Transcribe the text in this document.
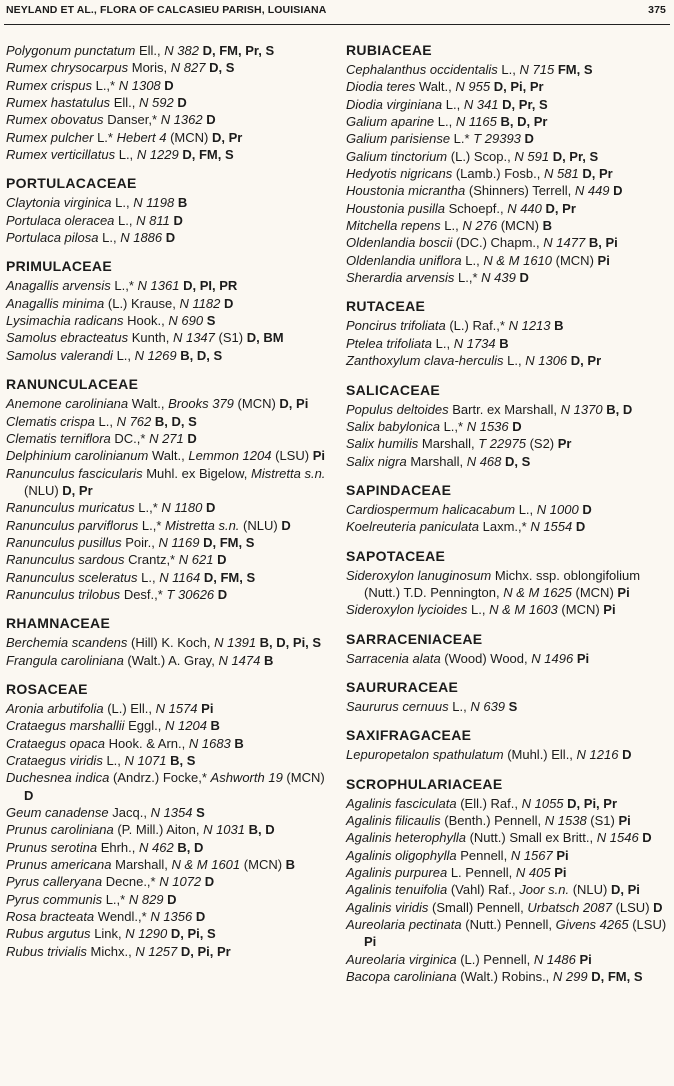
NEYLAND ET AL., FLORA OF CALCASIEU PARISH, LOUISIANA	375
Polygonum punctatum Ell., N 382 D, FM, Pr, S
Rumex chrysocarpus Moris, N 827 D, S
Rumex crispus L.,* N 1308 D
Rumex hastatulus Ell., N 592 D
Rumex obovatus Danser,* N 1362 D
Rumex pulcher L.* Hebert 4 (MCN) D, Pr
Rumex verticillatus L., N 1229 D, FM, S
PORTULACACEAE
Claytonia virginica L., N 1198 B
Portulaca oleracea L., N 811 D
Portulaca pilosa L., N 1886 D
PRIMULACEAE
Anagallis arvensis L.,* N 1361 D, PI, PR
Anagallis minima (L.) Krause, N 1182 D
Lysimachia radicans Hook., N 690 S
Samolus ebracteatus Kunth, N 1347 (S1) D, BM
Samolus valerandi L., N 1269 B, D, S
RANUNCULACEAE
Anemone caroliniana Walt., Brooks 379 (MCN) D, Pi
Clematis crispa L., N 762 B, D, S
Clematis terniflora DC.,* N 271 D
Delphinium carolinianum Walt., Lemmon 1204 (LSU) Pi
Ranunculus fascicularis Muhl. ex Bigelow, Mistretta s.n. (NLU) D, Pr
Ranunculus muricatus L.,* N 1180 D
Ranunculus parviflorus L.,* Mistretta s.n. (NLU) D
Ranunculus pusillus Poir., N 1169 D, FM, S
Ranunculus sardous Crantz,* N 621 D
Ranunculus sceleratus L., N 1164 D, FM, S
Ranunculus trilobus Desf.,* T 30626 D
RHAMNACEAE
Berchemia scandens (Hill) K. Koch, N 1391 B, D, Pi, S
Frangula caroliniana (Walt.) A. Gray, N 1474 B
ROSACEAE
Aronia arbutifolia (L.) Ell., N 1574 Pi
Crataegus marshallii Eggl., N 1204 B
Crataegus opaca Hook. & Arn., N 1683 B
Crataegus viridis L., N 1071 B, S
Duchesnea indica (Andrz.) Focke,* Ashworth 19 (MCN) D
Geum canadense Jacq., N 1354 S
Prunus caroliniana (P. Mill.) Aiton, N 1031 B, D
Prunus serotina Ehrh., N 462 B, D
Prunus americana Marshall, N & M 1601 (MCN) B
Pyrus calleryana Decne.,* N 1072 D
Pyrus communis L.,* N 829 D
Rosa bracteata Wendl.,* N 1356 D
Rubus argutus Link, N 1290 D, Pi, S
Rubus trivialis Michx., N 1257 D, Pi, Pr
RUBIACEAE
Cephalanthus occidentalis L., N 715 FM, S
Diodia teres Walt., N 955 D, Pi, Pr
Diodia virginiana L., N 341 D, Pr, S
Galium aparine L., N 1165 B, D, Pr
Galium parisiense L.* T 29393 D
Galium tinctorium (L.) Scop., N 591 D, Pr, S
Hedyotis nigricans (Lamb.) Fosb., N 581 D, Pr
Houstonia micrantha (Shinners) Terrell, N 449 D
Houstonia pusilla Schoepf., N 440 D, Pr
Mitchella repens L., N 276 (MCN) B
Oldenlandia boscii (DC.) Chapm., N 1477 B, Pi
Oldenlandia uniflora L., N & M 1610 (MCN) Pi
Sherardia arvensis L.,* N 439 D
RUTACEAE
Poncirus trifoliata (L.) Raf.,* N 1213 B
Ptelea trifoliata L., N 1734 B
Zanthoxylum clava-herculis L., N 1306 D, Pr
SALICACEAE
Populus deltoides Bartr. ex Marshall, N 1370 B, D
Salix babylonica L.,* N 1536 D
Salix humilis Marshall, T 22975 (S2) Pr
Salix nigra Marshall, N 468 D, S
SAPINDACEAE
Cardiospermum halicacabum L., N 1000 D
Koelreuteria paniculata Laxm.,* N 1554 D
SAPOTACEAE
Sideroxylon lanuginosum Michx. ssp. oblongifolium (Nutt.) T.D. Pennington, N & M 1625 (MCN) Pi
Sideroxylon lycioides L., N & M 1603 (MCN) Pi
SARRACENIACEAE
Sarracenia alata (Wood) Wood, N 1496 Pi
SAURURACEAE
Saururus cernuus L., N 639 S
SAXIFRAGACEAE
Lepuropetalon spathulatum (Muhl.) Ell., N 1216 D
SCROPHULARIACEAE
Agalinis fasciculata (Ell.) Raf., N 1055 D, Pi, Pr
Agalinis filicaulis (Benth.) Pennell, N 1538 (S1) Pi
Agalinis heterophylla (Nutt.) Small ex Britt., N 1546 D
Agalinis oligophylla Pennell, N 1567 Pi
Agalinis purpurea L. Pennell, N 405 Pi
Agalinis tenuifolia (Vahl) Raf., Joor s.n. (NLU) D, Pi
Agalinis viridis (Small) Pennell, Urbatsch 2087 (LSU) D
Aureolaria pectinata (Nutt.) Pennell, Givens 4265 (LSU) Pi
Aureolaria virginica (L.) Pennell, N 1486 Pi
Bacopa caroliniana (Walt.) Robins., N 299 D, FM, S
